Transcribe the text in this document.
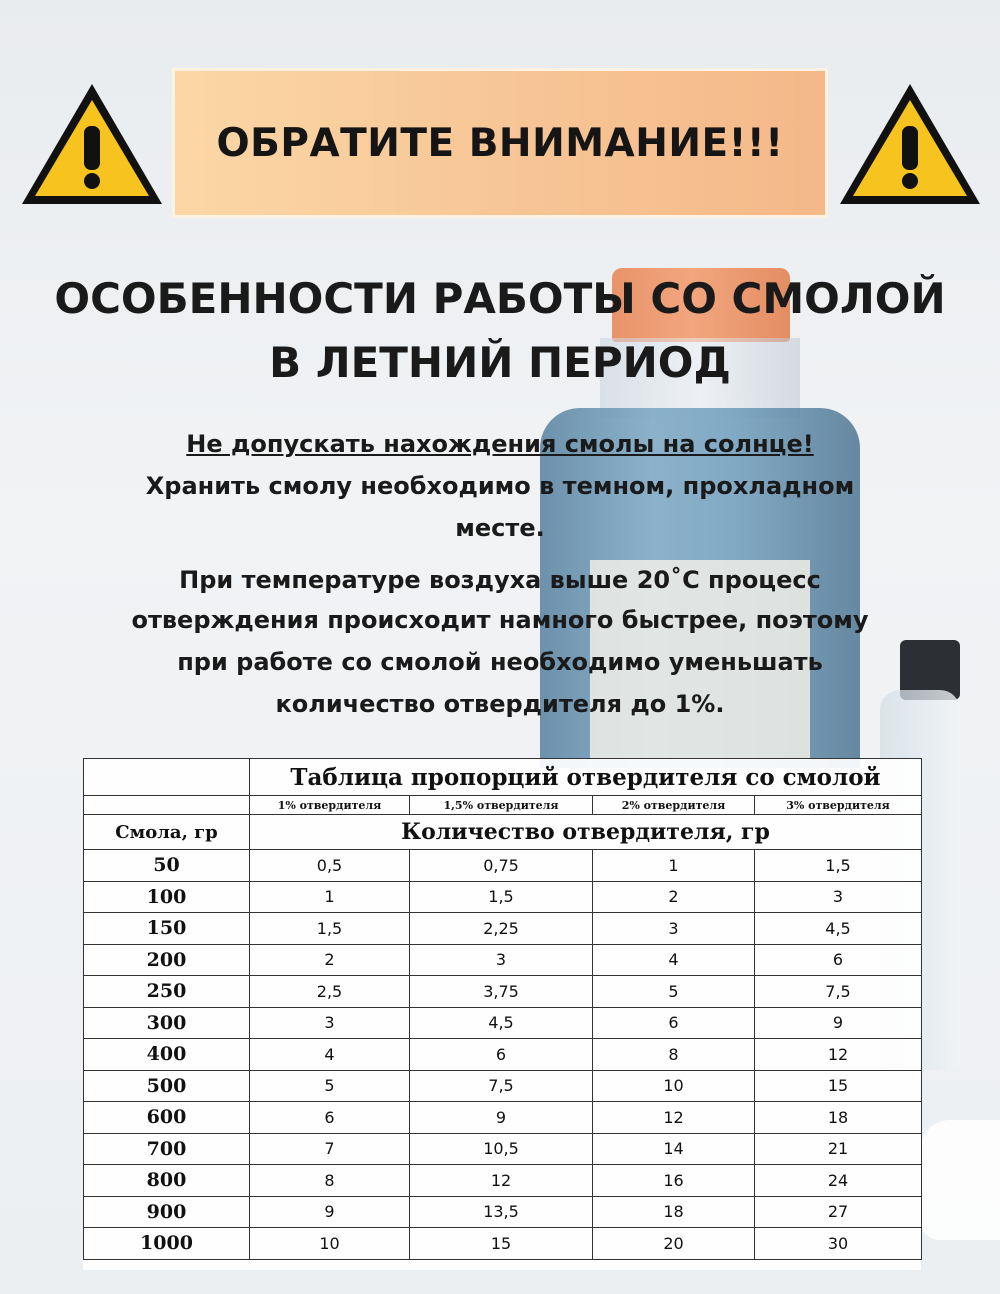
ОБРАТИТЕ ВНИМАНИЕ!!!
ОСОБЕННОСТИ РАБОТЫ СО СМОЛОЙ
В ЛЕТНИЙ ПЕРИОД
Не допускать нахождения смолы на солнце!
Хранить смолу необходимо в темном, прохладном
месте.
При температуре воздуха выше 20˚С процесс
отверждения происходит намного быстрее, поэтому
при работе со смолой необходимо уменьшать
количество отвердителя до 1%.
	Таблица пропорций отвердителя со смолой			
	1% отвердителя	1,5% отвердителя	2% отвердителя	3% отвердителя
Смола, гр	Количество отвердителя, гр			
50	0,5	0,75	1	1,5
100	1	1,5	2	3
150	1,5	2,25	3	4,5
200	2	3	4	6
250	2,5	3,75	5	7,5
300	3	4,5	6	9
400	4	6	8	12
500	5	7,5	10	15
600	6	9	12	18
700	7	10,5	14	21
800	8	12	16	24
900	9	13,5	18	27
1000	10	15	20	30
